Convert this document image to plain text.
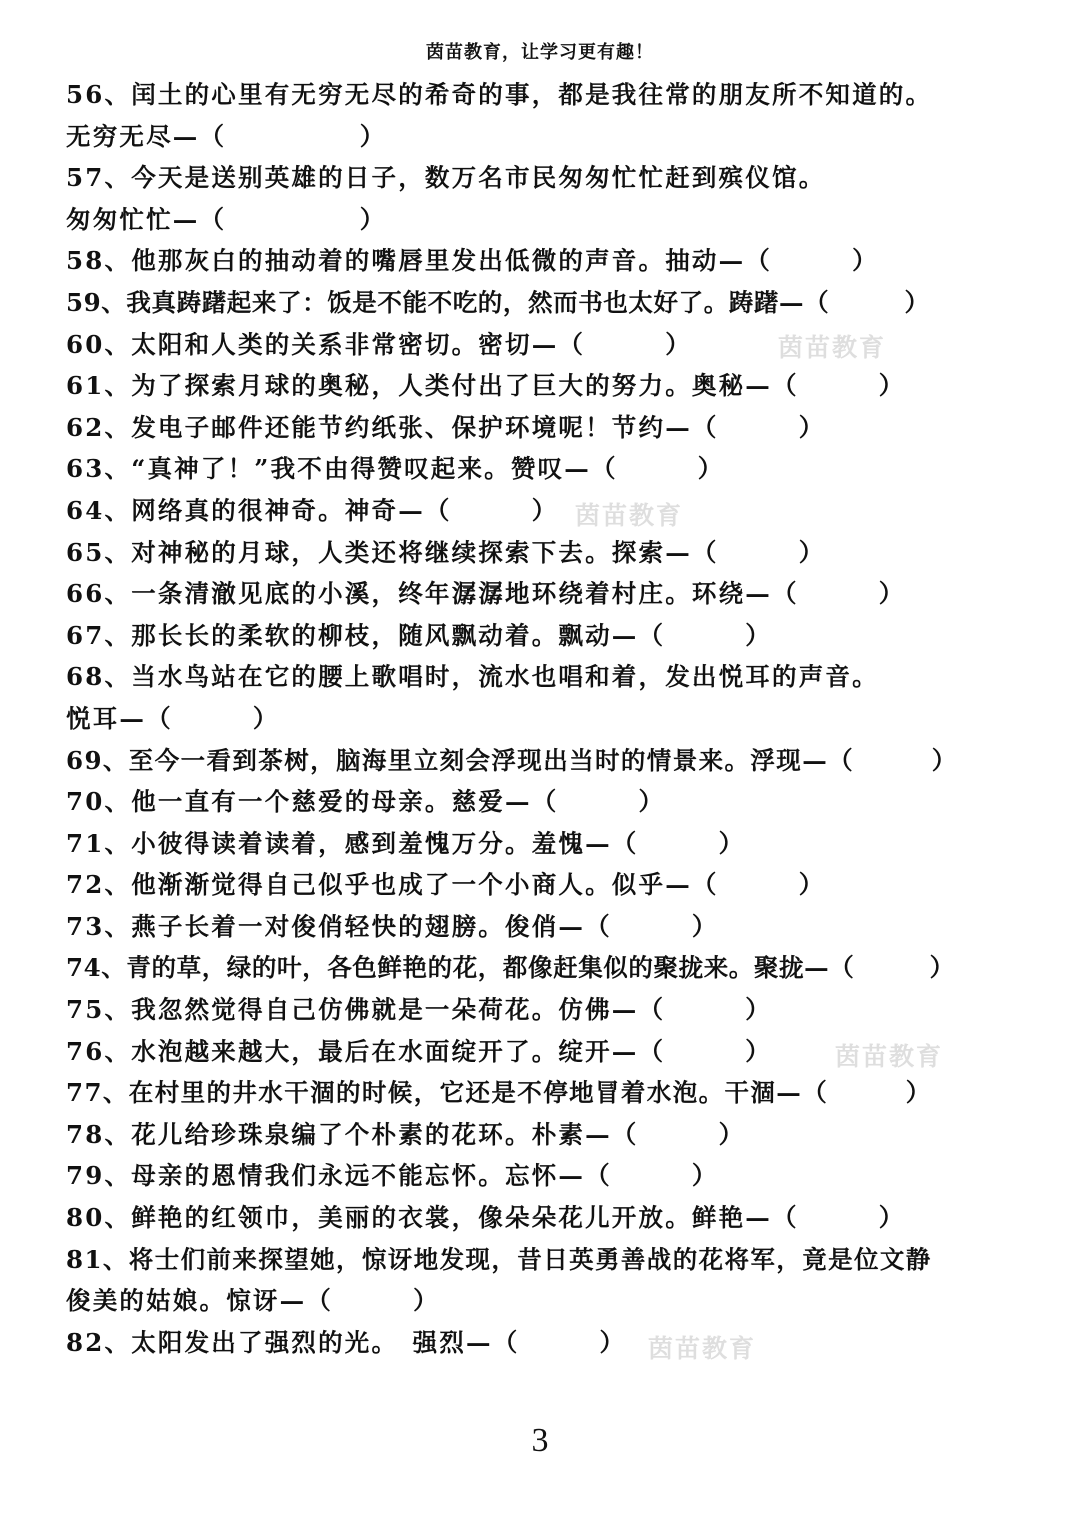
茵苗教育，让学习更有趣！
56、闰土的心里有无穷无尽的希奇的事，都是我往常的朋友所不知道的。
无穷无尽—（　　　　　）
57、今天是送别英雄的日子，数万名市民匆匆忙忙赶到殡仪馆。
匆匆忙忙—（　　　　　）
58、他那灰白的抽动着的嘴唇里发出低微的声音。抽动—（　　　）
59、我真踌躇起来了：饭是不能不吃的，然而书也太好了。踌躇—（　　　）
60、太阳和人类的关系非常密切。密切—（　　　）
61、为了探索月球的奥秘，人类付出了巨大的努力。奥秘—（　　　）
62、发电子邮件还能节约纸张、保护环境呢！节约—（　　　）
63、“真神了！”我不由得赞叹起来。赞叹—（　　　）
64、网络真的很神奇。神奇—（　　　）
65、对神秘的月球，人类还将继续探索下去。探索—（　　　）
66、一条清澈见底的小溪，终年潺潺地环绕着村庄。环绕—（　　　）
67、那长长的柔软的柳枝，随风飘动着。飘动—（　　　）
68、当水鸟站在它的腰上歌唱时，流水也唱和着，发出悦耳的声音。
悦耳—（　　　）
69、至今一看到茶树，脑海里立刻会浮现出当时的情景来。浮现—（　　　）
70、他一直有一个慈爱的母亲。慈爱—（　　　）
71、小彼得读着读着，感到羞愧万分。羞愧—（　　　）
72、他渐渐觉得自己似乎也成了一个小商人。似乎—（　　　）
73、燕子长着一对俊俏轻快的翅膀。俊俏—（　　　）
74、青的草，绿的叶，各色鲜艳的花，都像赶集似的聚拢来。聚拢—（　　　）
75、我忽然觉得自己仿佛就是一朵荷花。仿佛—（　　　）
76、水泡越来越大，最后在水面绽开了。绽开—（　　　）
77、在村里的井水干涸的时候，它还是不停地冒着水泡。干涸—（　　　）
78、花儿给珍珠泉编了个朴素的花环。朴素—（　　　）
79、母亲的恩情我们永远不能忘怀。忘怀—（　　　）
80、鲜艳的红领巾，美丽的衣裳，像朵朵花儿开放。鲜艳—（　　　）
81、将士们前来探望她，惊讶地发现，昔日英勇善战的花将军，竟是位文静
俊美的姑娘。惊讶—（　　　）
82、太阳发出了强烈的光。　强烈—（　　　）
茵苗教育
茵苗教育
茵苗教育
茵苗教育
3
